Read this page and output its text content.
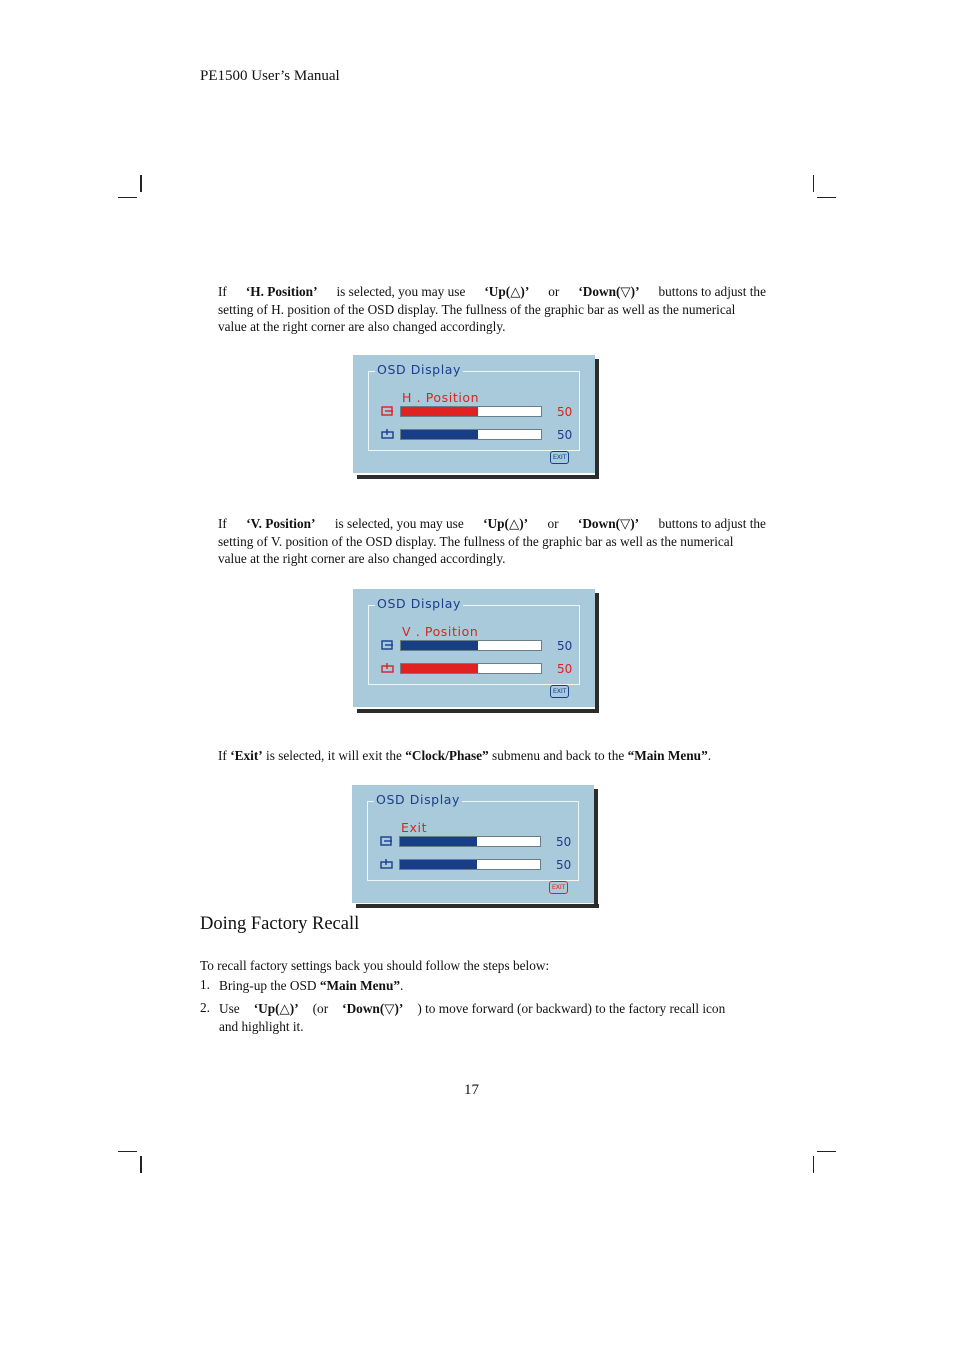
PE1500 User’s Manual
If ‘H. Position’ is selected, you may use ‘Up(△)’ or ‘Down(▽)’ buttons to adjust the
setting of H. position of the OSD display. The fullness of the graphic bar as well as the numerical
value at the right corner are also changed accordingly.
OSD Display
H . Position
50
50
EXIT
If ‘V. Position’ is selected, you may use ‘Up(△)’ or ‘Down(▽)’ buttons to adjust the
setting of V. position of the OSD display. The fullness of the graphic bar as well as the numerical
value at the right corner are also changed accordingly.
OSD Display
V . Position
50
50
EXIT
If ‘Exit’ is selected, it will exit the “Clock/Phase” submenu and back to the “Main Menu”.
OSD Display
Exit
50
50
EXIT
Doing Factory Recall
To recall factory settings back you should follow the steps below:
1. Bring-up the OSD “Main Menu”.
2. Use ‘Up(△)’ (or ‘Down(▽)’ ) to move forward (or backward) to the factory recall icon
and highlight it.
17
